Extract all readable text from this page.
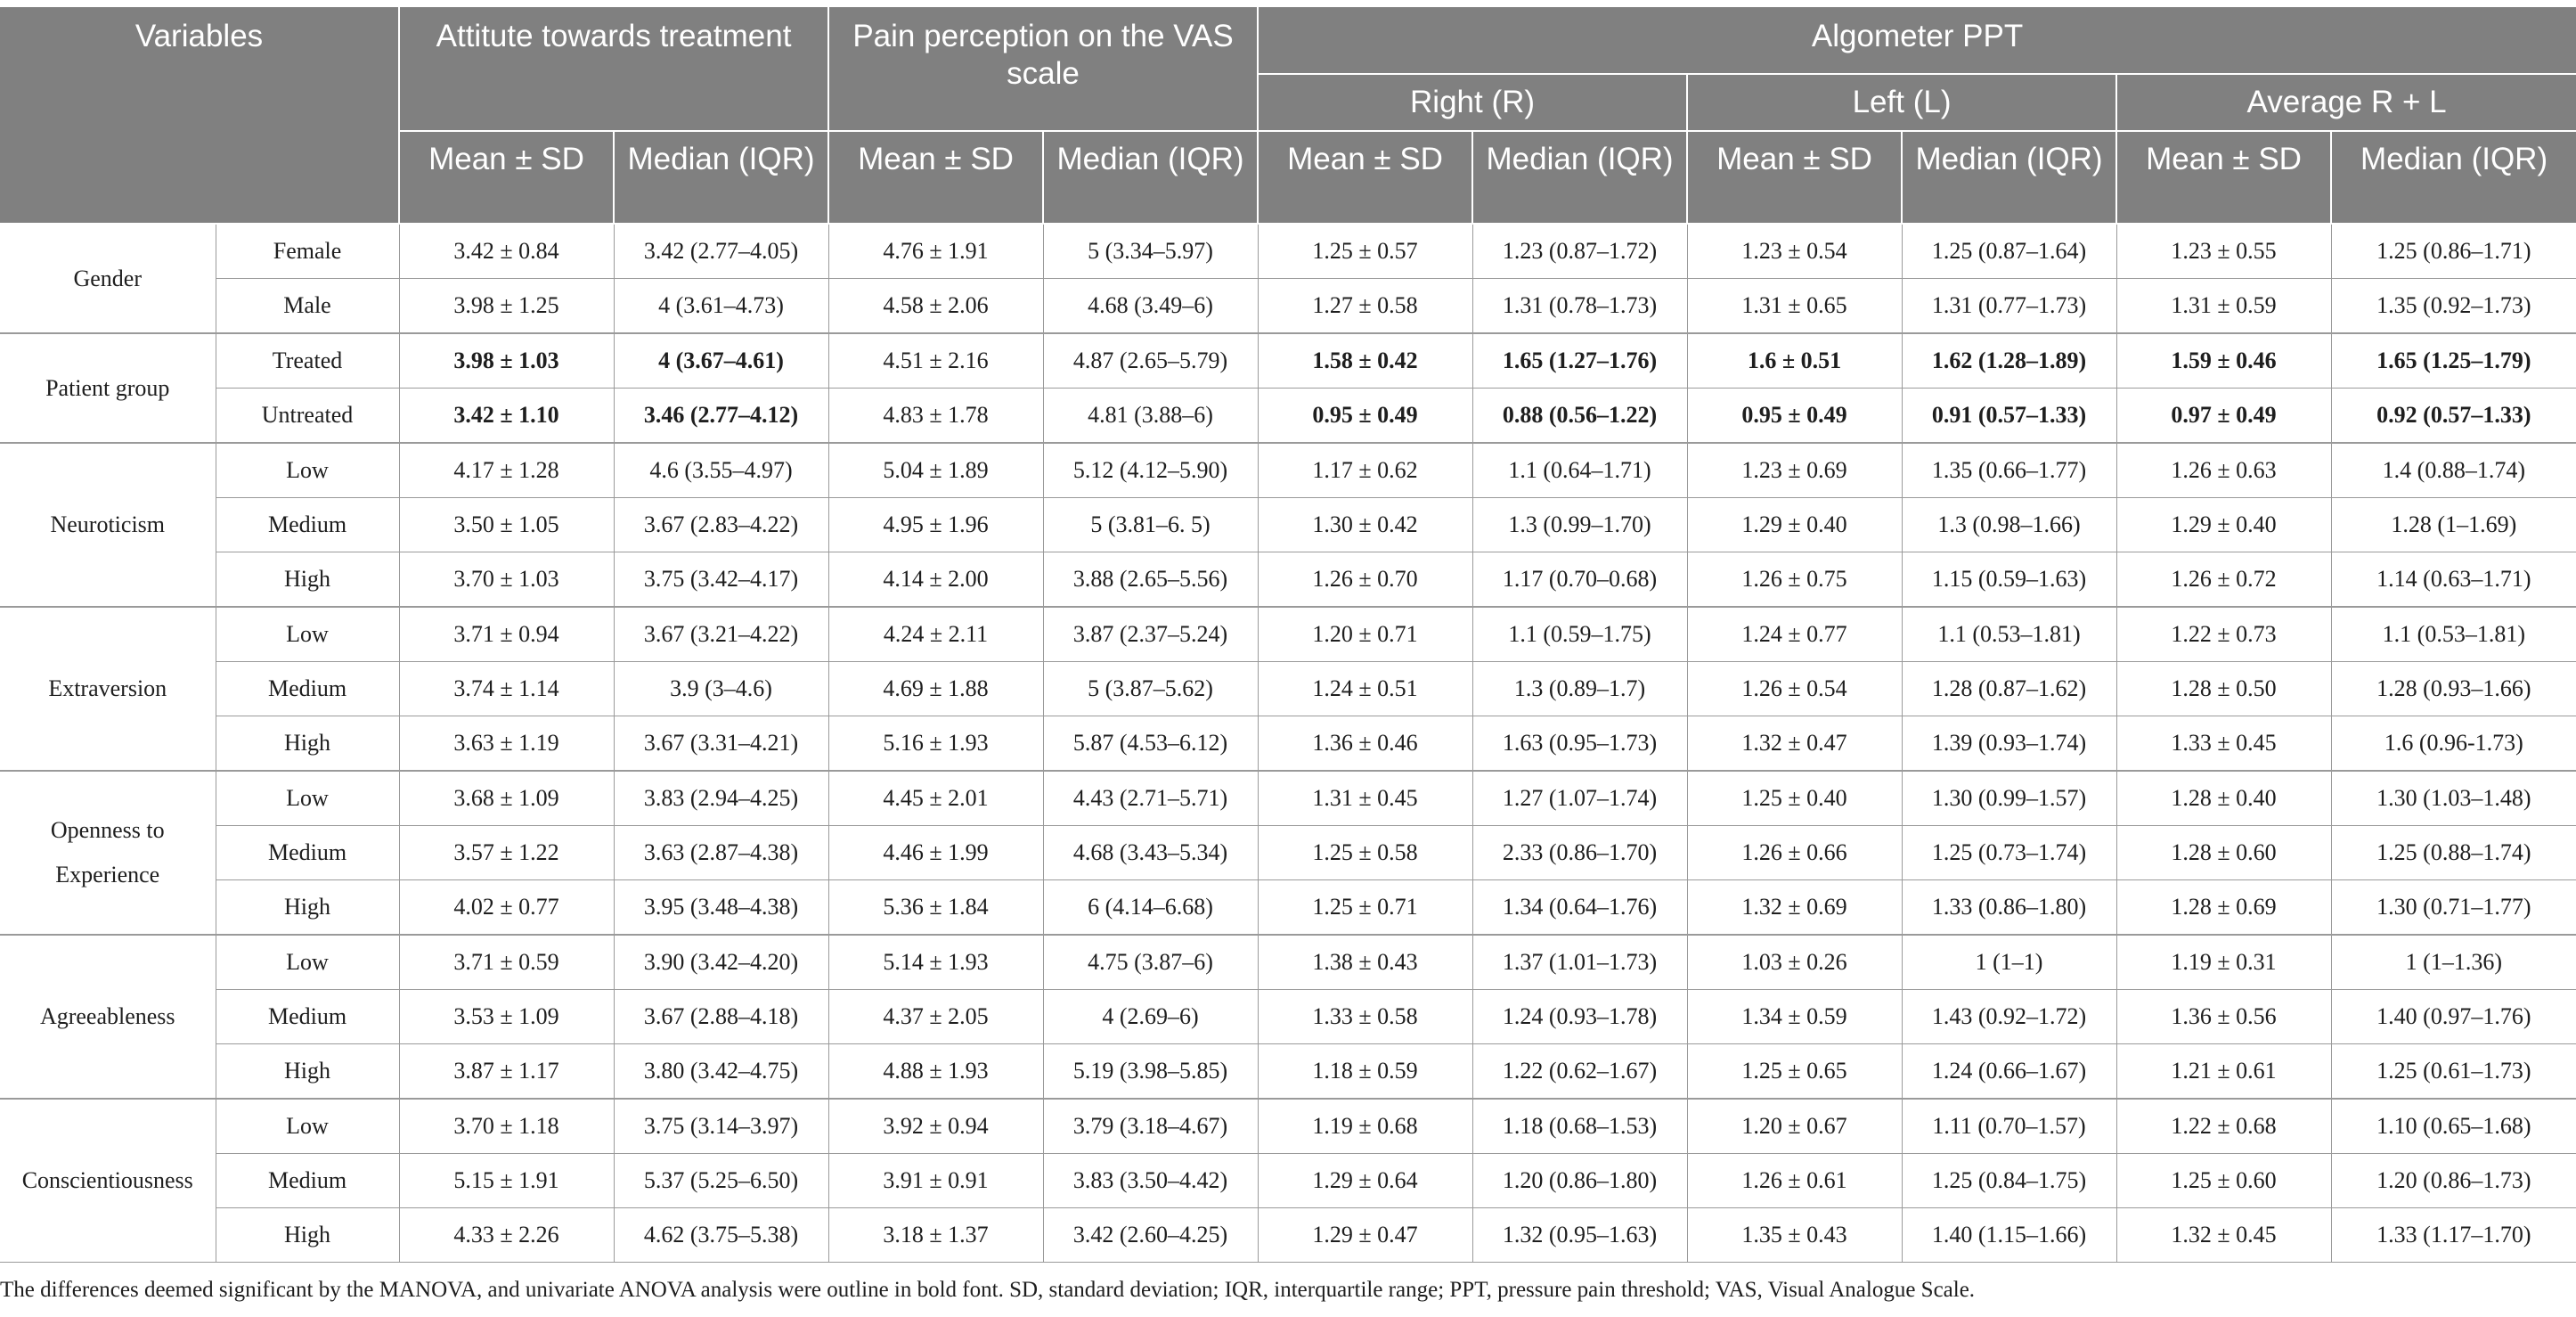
Variables		Attitute towards treatment		Pain perception on the VAS scale		Algometer PPT					
						Right (R)		Left (L)		Average R + L	
		Mean ± SD	Median (IQR)	Mean ± SD	Median (IQR)	Mean ± SD	Median (IQR)	Mean ± SD	Median (IQR)	Mean ± SD	Median (IQR)
Gender	Female	3.42 ± 0.84	3.42 (2.77–4.05)	4.76 ± 1.91	5 (3.34–5.97)	1.25 ± 0.57	1.23 (0.87–1.72)	1.23 ± 0.54	1.25 (0.87–1.64)	1.23 ± 0.55	1.25 (0.86–1.71)
	Male	3.98 ± 1.25	4 (3.61–4.73)	4.58 ± 2.06	4.68 (3.49–6)	1.27 ± 0.58	1.31 (0.78–1.73)	1.31 ± 0.65	1.31 (0.77–1.73)	1.31 ± 0.59	1.35 (0.92–1.73)
Patient group	Treated	3.98 ± 1.03	4 (3.67–4.61)	4.51 ± 2.16	4.87 (2.65–5.79)	1.58 ± 0.42	1.65 (1.27–1.76)	1.6 ± 0.51	1.62 (1.28–1.89)	1.59 ± 0.46	1.65 (1.25–1.79)
	Untreated	3.42 ± 1.10	3.46 (2.77–4.12)	4.83 ± 1.78	4.81 (3.88–6)	0.95 ± 0.49	0.88 (0.56–1.22)	0.95 ± 0.49	0.91 (0.57–1.33)	0.97 ± 0.49	0.92 (0.57–1.33)
Neuroticism	Low	4.17 ± 1.28	4.6 (3.55–4.97)	5.04 ± 1.89	5.12 (4.12–5.90)	1.17 ± 0.62	1.1 (0.64–1.71)	1.23 ± 0.69	1.35 (0.66–1.77)	1.26 ± 0.63	1.4 (0.88–1.74)
	Medium	3.50 ± 1.05	3.67 (2.83–4.22)	4.95 ± 1.96	5 (3.81–6. 5)	1.30 ± 0.42	1.3 (0.99–1.70)	1.29 ± 0.40	1.3 (0.98–1.66)	1.29 ± 0.40	1.28 (1–1.69)
	High	3.70 ± 1.03	3.75 (3.42–4.17)	4.14 ± 2.00	3.88 (2.65–5.56)	1.26 ± 0.70	1.17 (0.70–0.68)	1.26 ± 0.75	1.15 (0.59–1.63)	1.26 ± 0.72	1.14 (0.63–1.71)
Extraversion	Low	3.71 ± 0.94	3.67 (3.21–4.22)	4.24 ± 2.11	3.87 (2.37–5.24)	1.20 ± 0.71	1.1 (0.59–1.75)	1.24 ± 0.77	1.1 (0.53–1.81)	1.22 ± 0.73	1.1 (0.53–1.81)
	Medium	3.74 ± 1.14	3.9 (3–4.6)	4.69 ± 1.88	5 (3.87–5.62)	1.24 ± 0.51	1.3 (0.89–1.7)	1.26 ± 0.54	1.28 (0.87–1.62)	1.28 ± 0.50	1.28 (0.93–1.66)
	High	3.63 ± 1.19	3.67 (3.31–4.21)	5.16 ± 1.93	5.87 (4.53–6.12)	1.36 ± 0.46	1.63 (0.95–1.73)	1.32 ± 0.47	1.39 (0.93–1.74)	1.33 ± 0.45	1.6 (0.96-1.73)
Openness to Experience	Low	3.68 ± 1.09	3.83 (2.94–4.25)	4.45 ± 2.01	4.43 (2.71–5.71)	1.31 ± 0.45	1.27 (1.07–1.74)	1.25 ± 0.40	1.30 (0.99–1.57)	1.28 ± 0.40	1.30 (1.03–1.48)
	Medium	3.57 ± 1.22	3.63 (2.87–4.38)	4.46 ± 1.99	4.68 (3.43–5.34)	1.25 ± 0.58	2.33 (0.86–1.70)	1.26 ± 0.66	1.25 (0.73–1.74)	1.28 ± 0.60	1.25 (0.88–1.74)
	High	4.02 ± 0.77	3.95 (3.48–4.38)	5.36 ± 1.84	6 (4.14–6.68)	1.25 ± 0.71	1.34 (0.64–1.76)	1.32 ± 0.69	1.33 (0.86–1.80)	1.28 ± 0.69	1.30 (0.71–1.77)
Agreeableness	Low	3.71 ± 0.59	3.90 (3.42–4.20)	5.14 ± 1.93	4.75 (3.87–6)	1.38 ± 0.43	1.37 (1.01–1.73)	1.03 ± 0.26	1 (1–1)	1.19 ± 0.31	1 (1–1.36)
	Medium	3.53 ± 1.09	3.67 (2.88–4.18)	4.37 ± 2.05	4 (2.69–6)	1.33 ± 0.58	1.24 (0.93–1.78)	1.34 ± 0.59	1.43 (0.92–1.72)	1.36 ± 0.56	1.40 (0.97–1.76)
	High	3.87 ± 1.17	3.80 (3.42–4.75)	4.88 ± 1.93	5.19 (3.98–5.85)	1.18 ± 0.59	1.22 (0.62–1.67)	1.25 ± 0.65	1.24 (0.66–1.67)	1.21 ± 0.61	1.25 (0.61–1.73)
Conscientiousness	Low	3.70 ± 1.18	3.75 (3.14–3.97)	3.92 ± 0.94	3.79 (3.18–4.67)	1.19 ± 0.68	1.18 (0.68–1.53)	1.20 ± 0.67	1.11 (0.70–1.57)	1.22 ± 0.68	1.10 (0.65–1.68)
	Medium	5.15 ± 1.91	5.37 (5.25–6.50)	3.91 ± 0.91	3.83 (3.50–4.42)	1.29 ± 0.64	1.20 (0.86–1.80)	1.26 ± 0.61	1.25 (0.84–1.75)	1.25 ± 0.60	1.20 (0.86–1.73)
	High	4.33 ± 2.26	4.62 (3.75–5.38)	3.18 ± 1.37	3.42 (2.60–4.25)	1.29 ± 0.47	1.32 (0.95–1.63)	1.35 ± 0.43	1.40 (1.15–1.66)	1.32 ± 0.45	1.33 (1.17–1.70)
The differences deemed significant by the MANOVA, and univariate ANOVA analysis were outline in bold font. SD, standard deviation; IQR, interquartile range; PPT, pressure pain threshold; VAS, Visual Analogue Scale.
